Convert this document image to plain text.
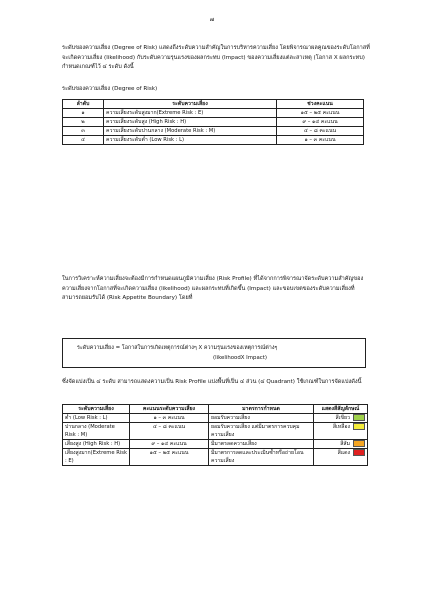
๗
ระดับของความเสี่ยง (Degree of Risk) แสดงถึงระดับความสำคัญในการบริหารความเสี่ยง โดยพิจารณาผลคูณของระดับโอกาสที่จะเกิดความเสี่ยง (likelihood) กับระดับความรุนแรงของผลกระทบ (Impact) ของความเสี่ยงแต่ละสาเหตุ (โอกาส X ผลกระทบ) กำหนดเกณฑ์ไว้ ๔ ระดับ ดังนี้
ระดับของความเสี่ยง (Degree of Risk)
ลำดับ	ระดับความเสี่ยง	ช่วงคะแนน
๑	ความเสี่ยงระดับสูงมาก(Extreme Risk : E)	๑๕ – ๒๕ คะแนน
๒	ความเสี่ยงระดับสูง (High Risk : H)	๙ – ๑๔ คะแนน
๓	ความเสี่ยงระดับปานกลาง (Moderate Risk : M)	๔ – ๘ คะแนน
๔	ความเสี่ยงระดับต่ำ (Low Risk : L)	๑ – ๓ คะแนน
ในการวิเคราะห์ความเสี่ยงจะต้องมีการกำหนดแผนภูมิความเสี่ยง (Risk Profile) ที่ได้จากการพิจารณาจัดระดับความสำคัญของความเสี่ยงจากโอกาสที่จะเกิดความเสี่ยง (likelihood) และผลกระทบที่เกิดขึ้น (Impact) และขอบเขตของระดับความเสี่ยงที่สามารถยอมรับได้ (Risk Appetite Boundary) โดยที่
ระดับความเสี่ยง = โอกาสในการเกิดเหตุการณ์ต่างๆ X ความรุนแรงของเหตุการณ์ต่างๆ
(likelihoodX Impact)
ซึ่งจัดแบ่งเป็น ๔ ระดับ สามารถแสดงความเป็น Risk Profile แบ่งพื้นที่เป็น ๔ ส่วน (๔ Quadrant) ใช้เกณฑ์ในการจัดแบ่งดังนี้
ระดับความเสี่ยง	คะแนนระดับความเสี่ยง	มาตรการกำหนด	แสดงสีสัญลักษณ์
ต่ำ (Low Risk : L)	๑ – ๓ คะแนน	ยอมรับความเสี่ยง	สีเขียว
ปานกลาง (Moderate Risk : M)	๔ – ๘ คะแนน	ยอมรับความเสี่ยง แต่มีมาตรการควบคุมความเสี่ยง	สีเหลือง
เสี่ยงสูง (High Risk : H)	๙ – ๑๔ คะแนน	มีมาตรลดความเสี่ยง	สีส้ม
เสี่ยงสูงมาก(Extreme Risk : E)	๑๕ – ๒๕ คะแนน	มีมาตรการลดและประเมินซ้ำหรือถ่ายโอนความเสี่ยง	สีแดง
